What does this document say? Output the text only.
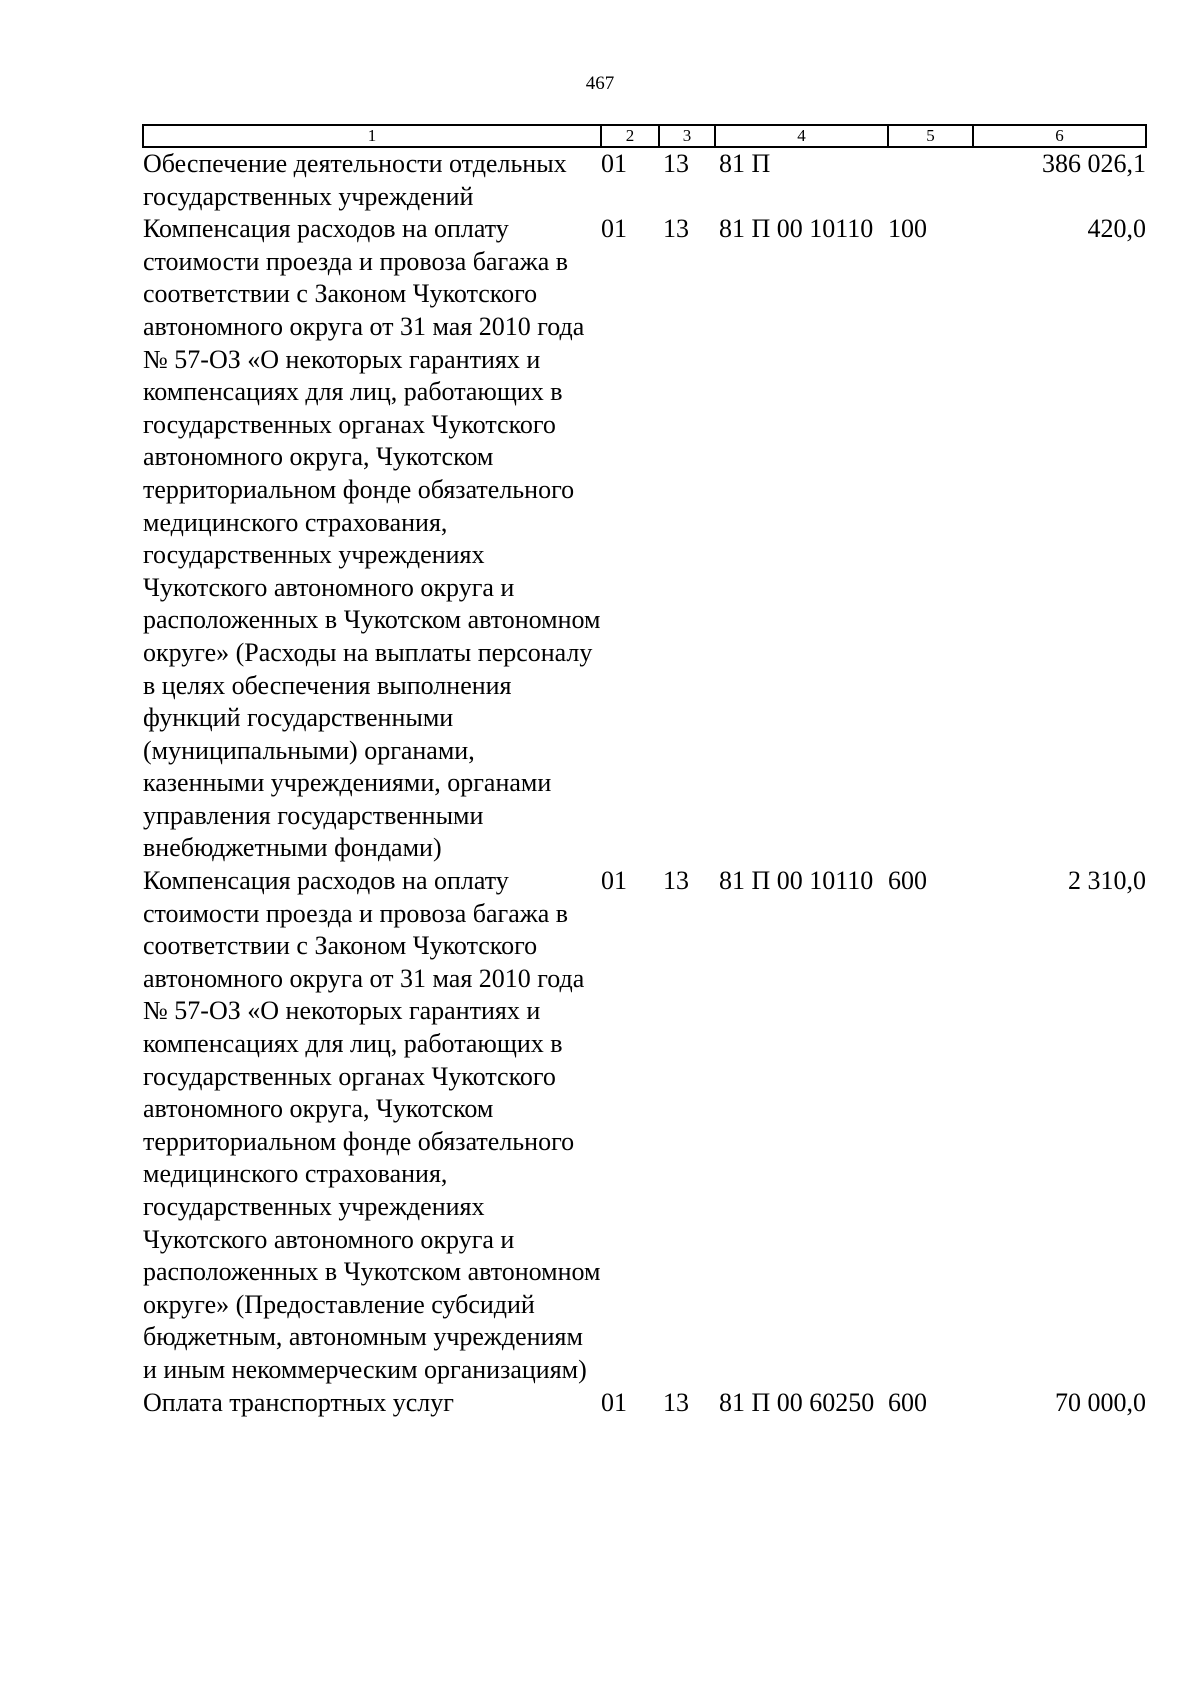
467
1	2	3	4	5	6
Обеспечение деятельности отдельных государственных учреждений	01	13	81 П		386 026,1
Компенсация расходов на оплату стоимости проезда и провоза багажа в соответствии с Законом Чукотского автономного округа от 31 мая 2010 года № 57-ОЗ «О некоторых гарантиях и компенсациях для лиц, работающих в государственных органах Чукотского автономного округа, Чукотском территориальном фонде обязательного медицинского страхования, государственных учреждениях Чукотского автономного округа и расположенных в Чукотском автономном округе» (Расходы на выплаты персоналу в целях обеспечения выполнения функций государственными (муниципальными) органами, казенными учреждениями, органами управления государственными внебюджетными фондами)	01	13	81 П 00 10110	100	420,0
Компенсация расходов на оплату стоимости проезда и провоза багажа в соответствии с Законом Чукотского автономного округа от 31 мая 2010 года № 57-ОЗ «О некоторых гарантиях и компенсациях для лиц, работающих в государственных органах Чукотского автономного округа, Чукотском территориальном фонде обязательного медицинского страхования, государственных учреждениях Чукотского автономного округа и расположенных в Чукотском автономном округе» (Предоставление субсидий бюджетным, автономным учреждениям и иным некоммерческим организациям)	01	13	81 П 00 10110	600	2 310,0
Оплата транспортных услуг	01	13	81 П 00 60250	600	70 000,0
